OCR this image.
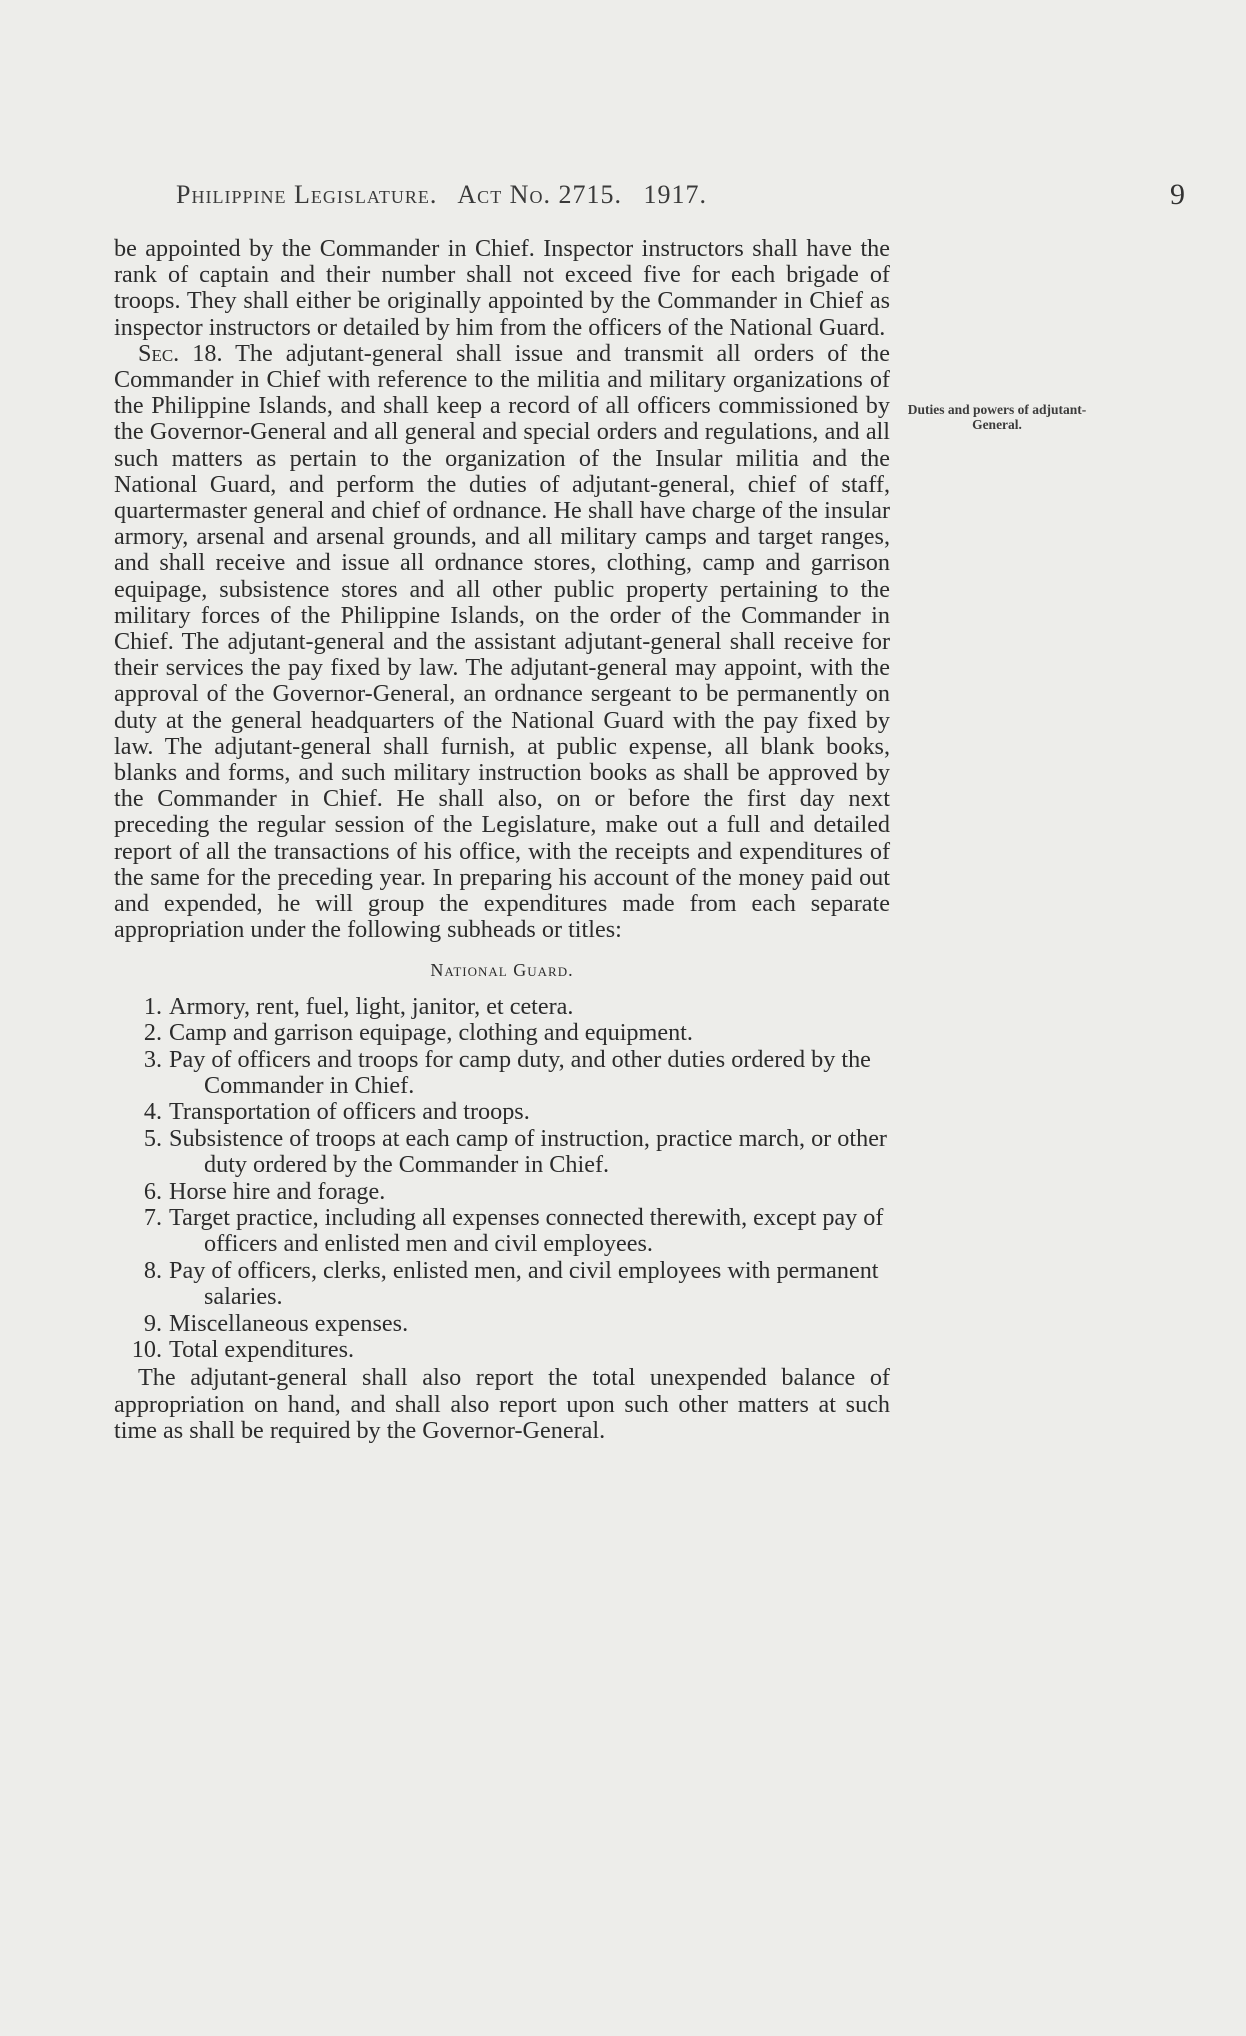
Philippine Legislature. Act No. 2715. 1917.	9
Duties and powers of adjutant-General.

be appointed by the Commander in Chief. Inspector instructors shall have the rank of captain and their number shall not exceed five for each brigade of troops. They shall either be originally appointed by the Commander in Chief as inspector instructors or detailed by him from the officers of the National Guard.

Sec. 18. The adjutant-general shall issue and transmit all orders of the Commander in Chief with reference to the militia and military organizations of the Philippine Islands, and shall keep a record of all officers commissioned by the Governor-General and all general and special orders and regulations, and all such matters as pertain to the organization of the Insular militia and the National Guard, and perform the duties of adjutant-general, chief of staff, quartermaster general and chief of ordnance. He shall have charge of the insular armory, arsenal and arsenal grounds, and all military camps and target ranges, and shall receive and issue all ordnance stores, clothing, camp and garrison equipage, subsistence stores and all other public property pertaining to the military forces of the Philippine Islands, on the order of the Commander in Chief. The adjutant-general and the assistant adjutant-general shall receive for their services the pay fixed by law. The adjutant-general may appoint, with the approval of the Governor-General, an ordnance sergeant to be permanently on duty at the general headquarters of the National Guard with the pay fixed by law. The adjutant-general shall furnish, at public expense, all blank books, blanks and forms, and such military instruction books as shall be approved by the Commander in Chief. He shall also, on or before the first day next preceding the regular session of the Legislature, make out a full and detailed report of all the transactions of his office, with the receipts and expenditures of the same for the preceding year. In preparing his account of the money paid out and expended, he will group the expenditures made from each separate appropriation under the following subheads or titles:

National Guard.
1. Armory, rent, fuel, light, janitor, et cetera.
2. Camp and garrison equipage, clothing and equipment.
3. Pay of officers and troops for camp duty, and other duties ordered by the Commander in Chief.
4. Transportation of officers and troops.
5. Subsistence of troops at each camp of instruction, practice march, or other duty ordered by the Commander in Chief.
6. Horse hire and forage.
7. Target practice, including all expenses connected therewith, except pay of officers and enlisted men and civil employees.
8. Pay of officers, clerks, enlisted men, and civil employees with permanent salaries.
9. Miscellaneous expenses.
10. Total expenditures.

The adjutant-general shall also report the total unexpended balance of appropriation on hand, and shall also report upon such other matters at such time as shall be required by the Governor-General.
